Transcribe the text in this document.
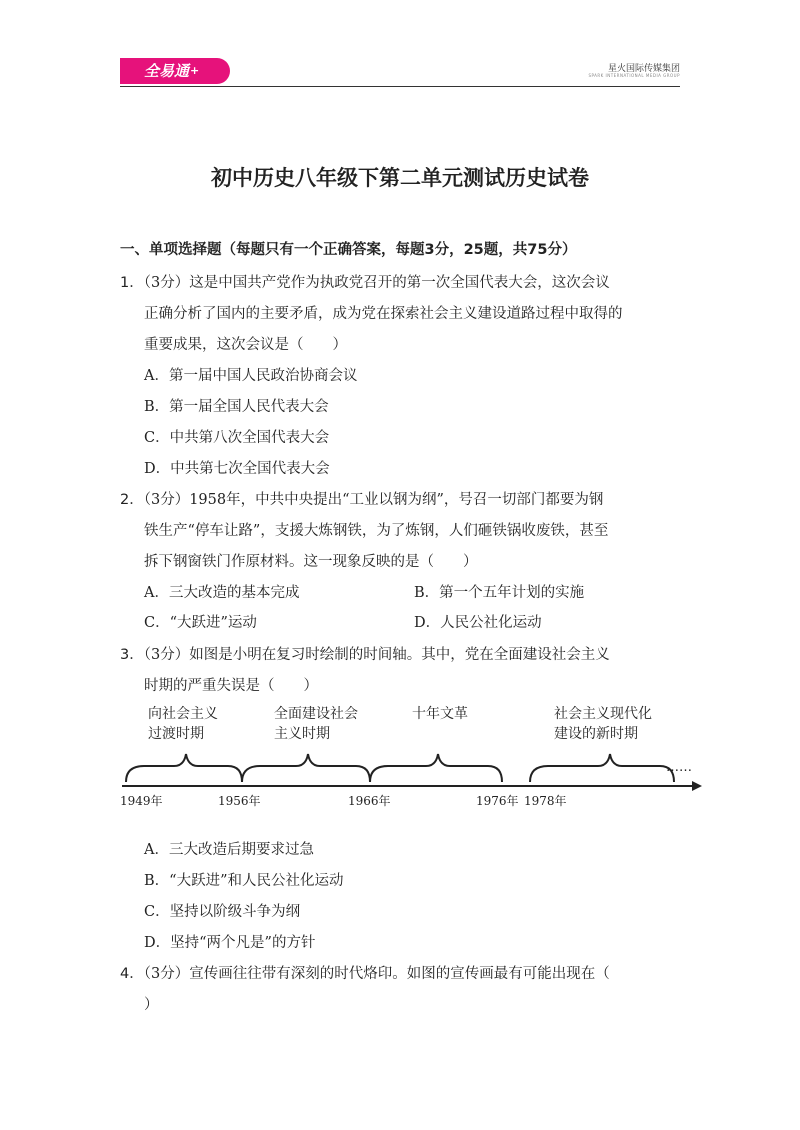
全易通+	星火国际传媒集团
SPARK INTERNATIONAL MEDIA GROUP
初中历史八年级下第二单元测试历史试卷
一、单项选择题（每题只有一个正确答案，每题3分，25题，共75分）
1．（3分）这是中国共产党作为执政党召开的第一次全国代表大会，这次会议
正确分析了国内的主要矛盾，成为党在探索社会主义建设道路过程中取得的
重要成果，这次会议是（　　）
A．第一届中国人民政治协商会议
B．第一届全国人民代表大会
C．中共第八次全国代表大会
D．中共第七次全国代表大会
2．（3分）1958年，中共中央提出“工业以钢为纲”，号召一切部门都要为钢
铁生产“停车让路”，支援大炼钢铁，为了炼钢，人们砸铁锅收废铁，甚至
拆下钢窗铁门作原材料。这一现象反映的是（　　）
A．三大改造的基本完成	B．第一个五年计划的实施
C．“大跃进”运动	D．人民公社化运动
3．（3分）如图是小明在复习时绘制的时间轴。其中，党在全面建设社会主义
时期的严重失误是（　　）
向社会主义
过渡时期
全面建设社会
主义时期
十年文革	社会主义现代化
建设的新时期
……
1949年	1956年	1966年	1976年 1978年
A．三大改造后期要求过急
B．“大跃进”和人民公社化运动
C．坚持以阶级斗争为纲
D．坚持“两个凡是”的方针
4．（3分）宣传画往往带有深刻的时代烙印。如图的宣传画最有可能出现在（
）
